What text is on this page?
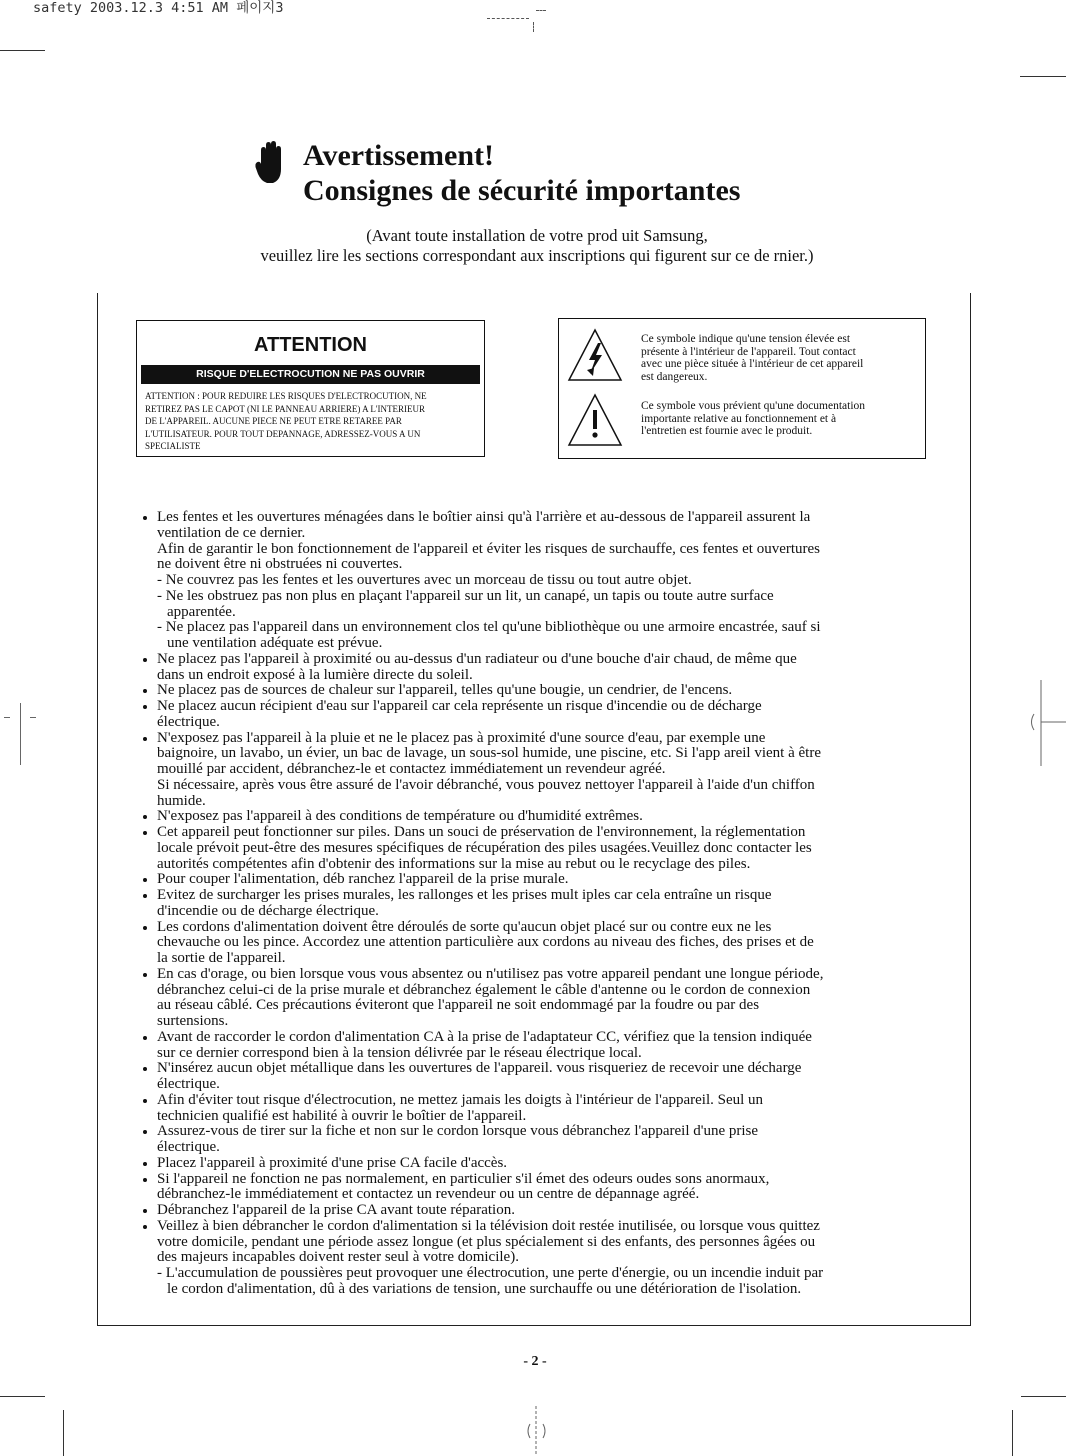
safety 2003.12.3 4:51 AM 페이지3
Avertissement!
Consignes de sécurité importantes
(Avant toute installation de votre prod uit Samsung,
veuillez lire les sections correspondant aux inscriptions qui figurent sur ce de rnier.)
ATTENTION
RISQUE D'ELECTROCUTION NE PAS OUVRIR
ATTENTION : POUR REDUIRE LES RISQUES D'ELECTROCUTION, NE
RETIREZ PAS LE CAPOT (NI LE PANNEAU ARRIERE) A L'INTERIEUR
DE L'APPAREIL. AUCUNE PIECE NE PEUT ETRE RETAREE PAR
L'UTILISATEUR. POUR TOUT DEPANNAGE, ADRESSEZ-VOUS A UN
SPECIALISTE
Ce symbole indique qu'une tension élevée est
présente à l'intérieur de l'appareil. Tout contact
avec une pièce située à l'intérieur de cet appareil
est dangereux.
Ce symbole vous prévient qu'une documentation
importante relative au fonctionnement et à
l'entretien est fournie avec le produit.
Les fentes et les ouvertures ménagées dans le boîtier ainsi qu'à l'arrière et au-dessous de l'appareil assurent la
ventilation de ce dernier.
Afin de garantir le bon fonctionnement de l'appareil et éviter les risques de surchauffe, ces fentes et ouvertures
ne doivent être ni obstruées ni couvertes.
- Ne couvrez pas les fentes et les ouvertures avec un morceau de tissu ou tout autre objet.
- Ne les obstruez pas non plus en plaçant l'appareil sur un lit, un canapé, un tapis ou toute autre surface
apparentée.
- Ne placez pas l'appareil dans un environnement clos tel qu'une bibliothèque ou une armoire encastrée, sauf si
une ventilation adéquate est prévue.
Ne placez pas l'appareil à proximité ou au-dessus d'un radiateur ou d'une bouche d'air chaud, de même que
dans un endroit exposé à la lumière directe du soleil.
Ne placez pas de sources de chaleur sur l'appareil, telles qu'une bougie, un cendrier, de l'encens.
Ne placez aucun récipient d'eau sur l'appareil car cela représente un risque d'incendie ou de décharge
électrique.
N'exposez pas l'appareil à la pluie et ne le placez pas à proximité d'une source d'eau, par exemple une
baignoire, un lavabo, un évier, un bac de lavage, un sous-sol humide, une piscine, etc. Si l'app areil vient à être
mouillé par accident, débranchez-le et contactez immédiatement un revendeur agréé.
Si nécessaire, après vous être assuré de l'avoir débranché, vous pouvez nettoyer l'appareil à l'aide d'un chiffon
humide.
N'exposez pas l'appareil à des conditions de température ou d'humidité extrêmes.
Cet appareil peut fonctionner sur piles. Dans un souci de préservation de l'environnement, la réglementation
locale prévoit peut-être des mesures spécifiques de récupération des piles usagées.Veuillez donc contacter les
autorités compétentes afin d'obtenir des informations sur la mise au rebut ou le recyclage des piles.
Pour couper l'alimentation, déb ranchez l'appareil de la prise murale.
Evitez de surcharger les prises murales, les rallonges et les prises mult iples car cela entraîne un risque
d'incendie ou de décharge électrique.
Les cordons d'alimentation doivent être déroulés de sorte qu'aucun objet placé sur ou contre eux ne les
chevauche ou les pince. Accordez une attention particulière aux cordons au niveau des fiches, des prises et de
la sortie de l'appareil.
En cas d'orage, ou bien lorsque vous vous absentez ou n'utilisez pas votre appareil pendant une longue période,
débranchez celui-ci de la prise murale et débranchez également le câble d'antenne ou le cordon de connexion
au réseau câblé. Ces précautions éviteront que l'appareil ne soit endommagé par la foudre ou par des
surtensions.
Avant de raccorder le cordon d'alimentation CA à la prise de l'adaptateur CC, vérifiez que la tension indiquée
sur ce dernier correspond bien à la tension délivrée par le réseau électrique local.
N'insérez aucun objet métallique dans les ouvertures de l'appareil. vous risqueriez de recevoir une décharge
électrique.
Afin d'éviter tout risque d'électrocution, ne mettez jamais les doigts à l'intérieur de l'appareil. Seul un
technicien qualifié est habilité à ouvrir le boîtier de l'appareil.
Assurez-vous de tirer sur la fiche et non sur le cordon lorsque vous débranchez l'appareil d'une prise
électrique.
Placez l'appareil à proximité d'une prise CA facile d'accès.
Si l'appareil ne fonction ne pas normalement, en particulier s'il émet des odeurs oudes sons anormaux,
débranchez-le immédiatement et contactez un revendeur ou un centre de dépannage agréé.
Débranchez l'appareil de la prise CA avant toute réparation.
Veillez à bien débrancher le cordon d'alimentation si la télévision doit restée inutilisée, ou lorsque vous quittez
votre domicile, pendant une période assez longue (et plus spécialement si des enfants, des personnes âgées ou
des majeurs incapables doivent rester seul à votre domicile).
- L'accumulation de poussières peut provoquer une électrocution, une perte d'énergie, ou un incendie induit par
le cordon d'alimentation, dû à des variations de tension, une surchauffe ou une détérioration de l'isolation.
- 2 -
